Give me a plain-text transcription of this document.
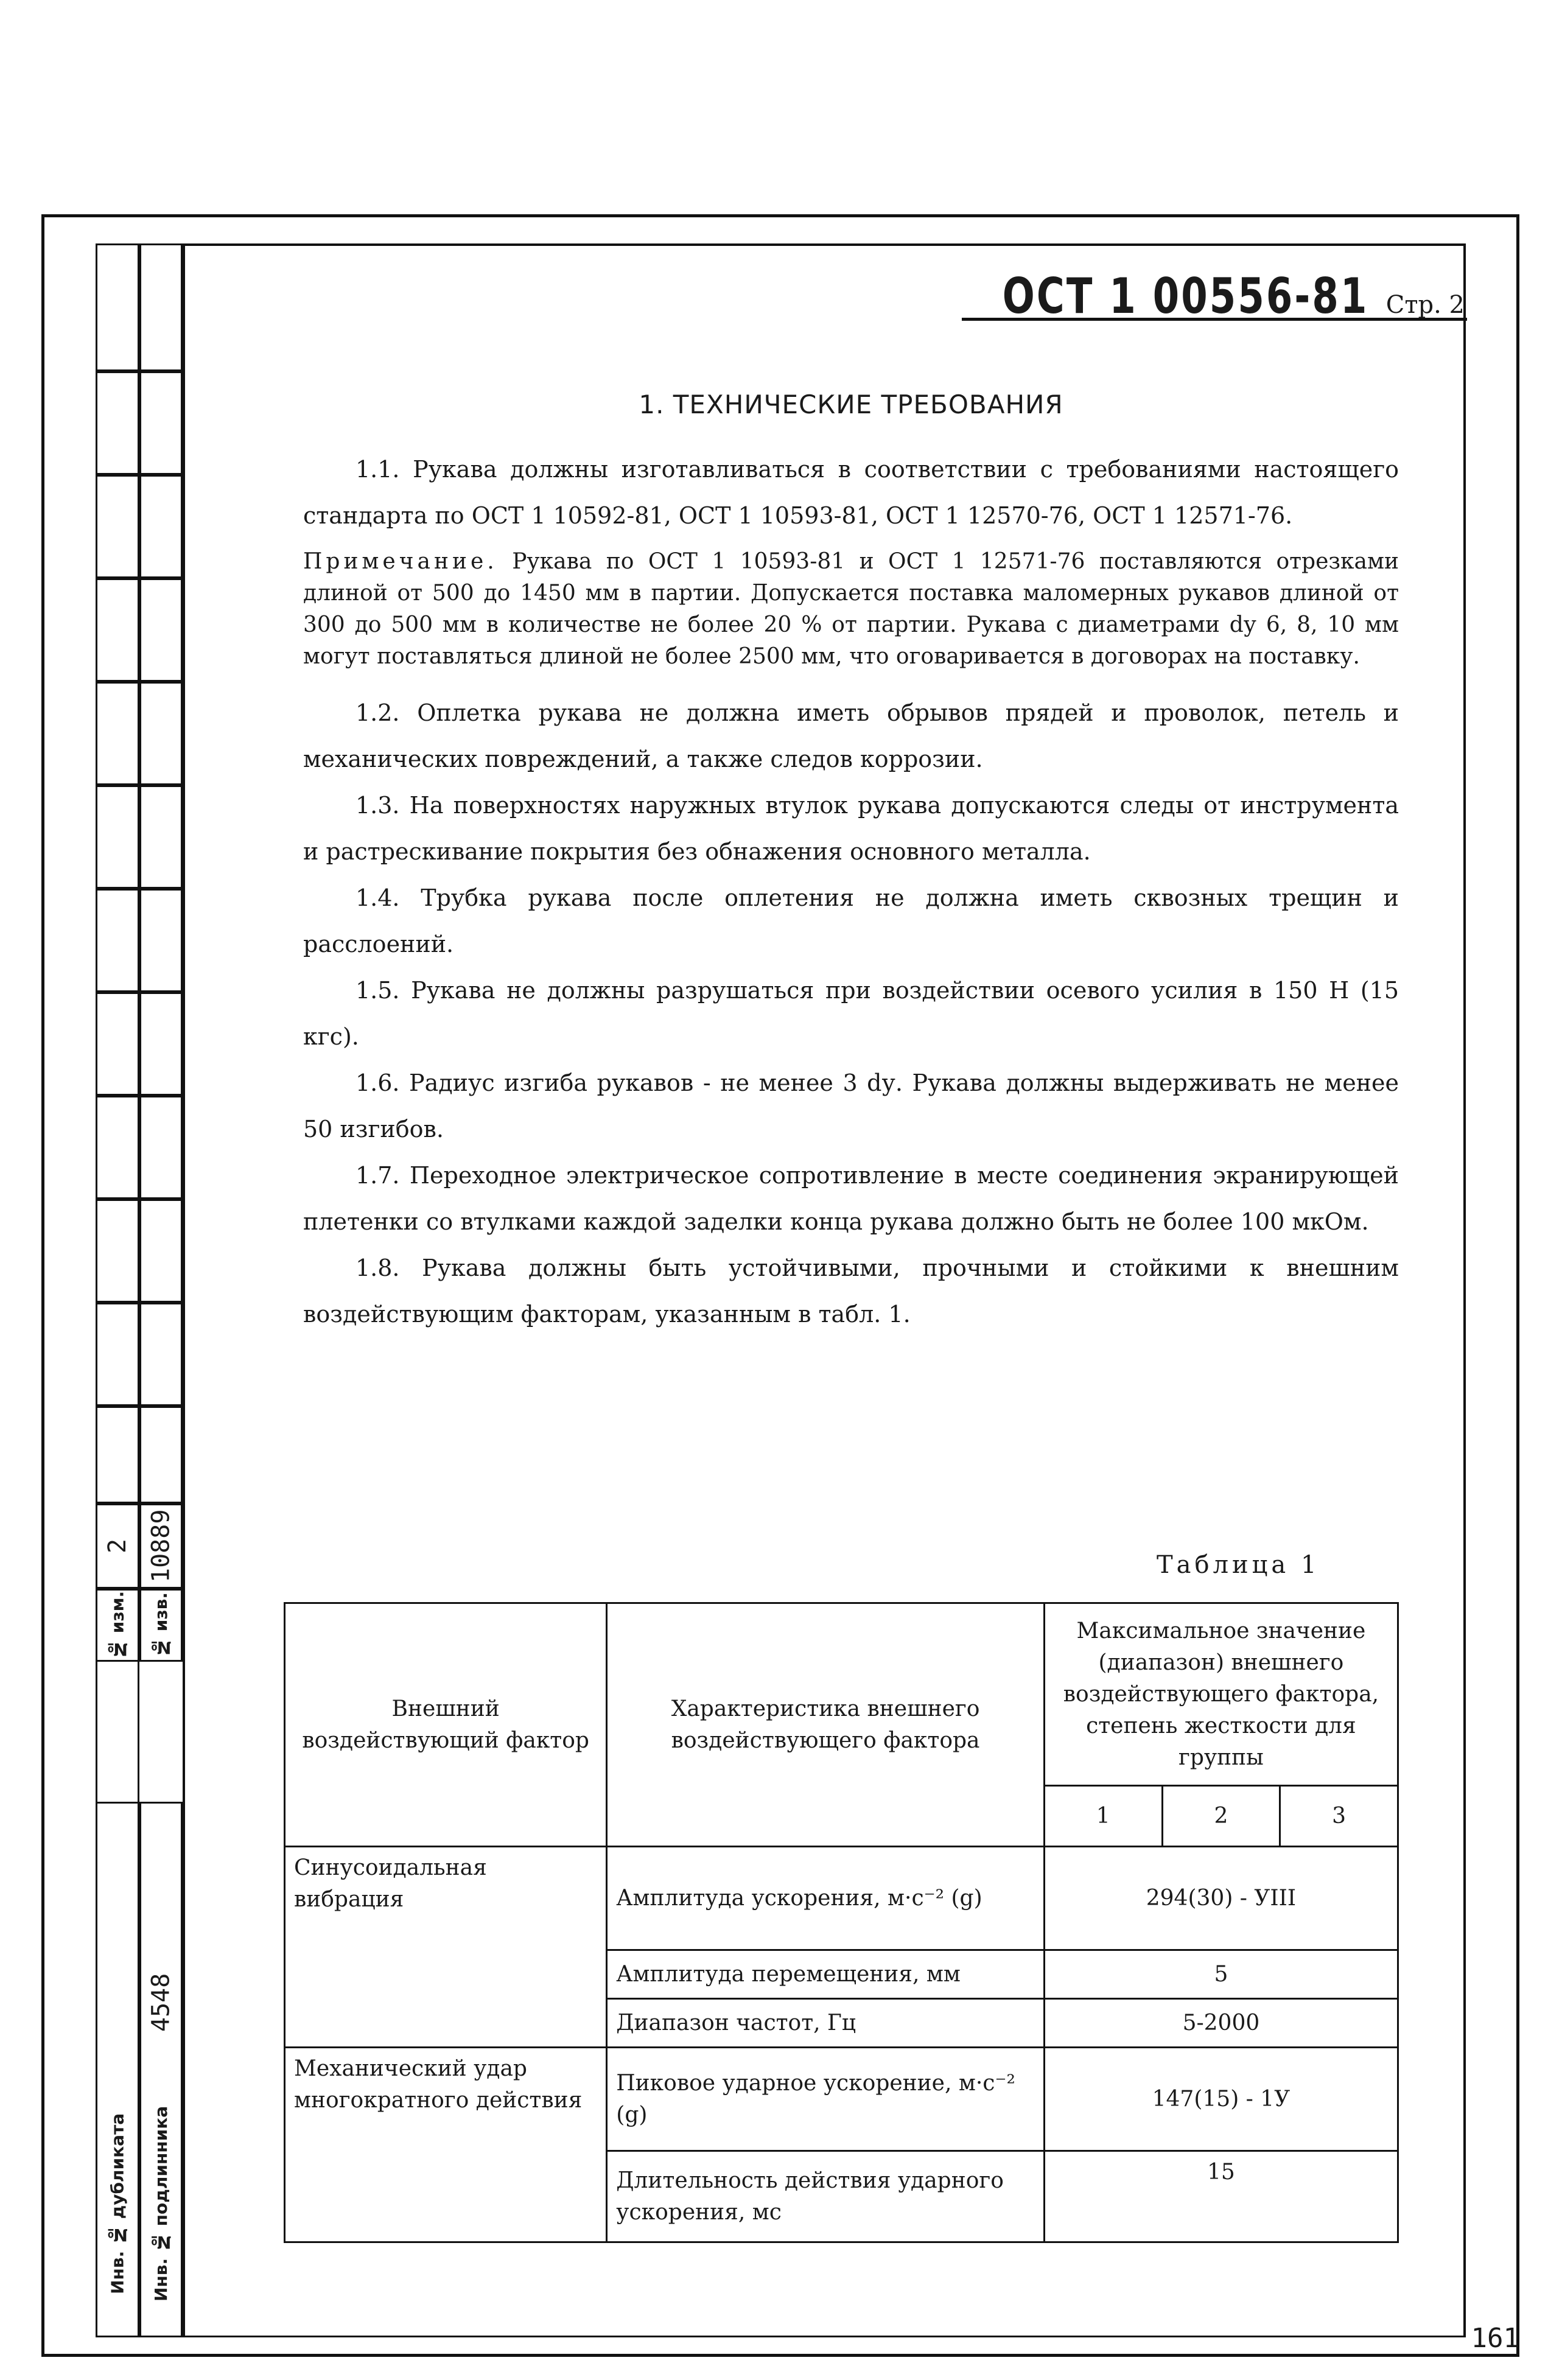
2 10889
№ изм.	№ изв.
4548
Инв. № дубликата	Инв. № подлинника
ОСТ 1 00556-81 Стр. 2
1. ТЕХНИЧЕСКИЕ ТРЕБОВАНИЯ

1.1. Рукава должны изготавливаться в соответствии с требованиями настоящего стандарта по ОСТ 1 10592-81, ОСТ 1 10593-81, ОСТ 1 12570-76, ОСТ 1 12571-76.

Примечание. Рукава по ОСТ 1 10593-81 и ОСТ 1 12571-76 поставляются отрезками длиной от 500 до 1450 мм в партии. Допускается поставка маломерных рукавов длиной от 300 до 500 мм в количестве не более 20 % от партии. Рукава с диаметрами dу 6, 8, 10 мм могут поставляться длиной не более 2500 мм, что оговаривается в договорах на поставку.

1.2. Оплетка рукава не должна иметь обрывов прядей и проволок, петель и механических повреждений, а также следов коррозии.

1.3. На поверхностях наружных втулок рукава допускаются следы от инструмента и растрескивание покрытия без обнажения основного металла.

1.4. Трубка рукава после оплетения не должна иметь сквозных трещин и расслоений.

1.5. Рукава не должны разрушаться при воздействии осевого усилия в 150 Н (15 кгс).

1.6. Радиус изгиба рукавов - не менее 3 dу. Рукава должны выдерживать не менее 50 изгибов.

1.7. Переходное электрическое сопротивление в месте соединения экранирующей плетенки со втулками каждой заделки конца рукава должно быть не более 100 мкОм.

1.8. Рукава должны быть устойчивыми, прочными и стойкими к внешним воздействующим факторам, указанным в табл. 1.

Таблица 1
Внешний воздействующий фактор	Характеристика внешнего воздействующего фактора	Максимальное значение (диапазон) внешнего воздействующего фактора, степень жесткости для группы		
		1	2	3
Синусоидальная вибрация	Амплитуда ускорения, м·с⁻² (g)	294(30) - УIII		
	Амплитуда перемещения, мм	5		
	Диапазон частот, Гц	5-2000		
Механический удар многократного действия	Пиковое ударное ускорение, м·с⁻² (g)	147(15) - 1У		
	Длительность действия ударного ускорения, мс	15		
161
